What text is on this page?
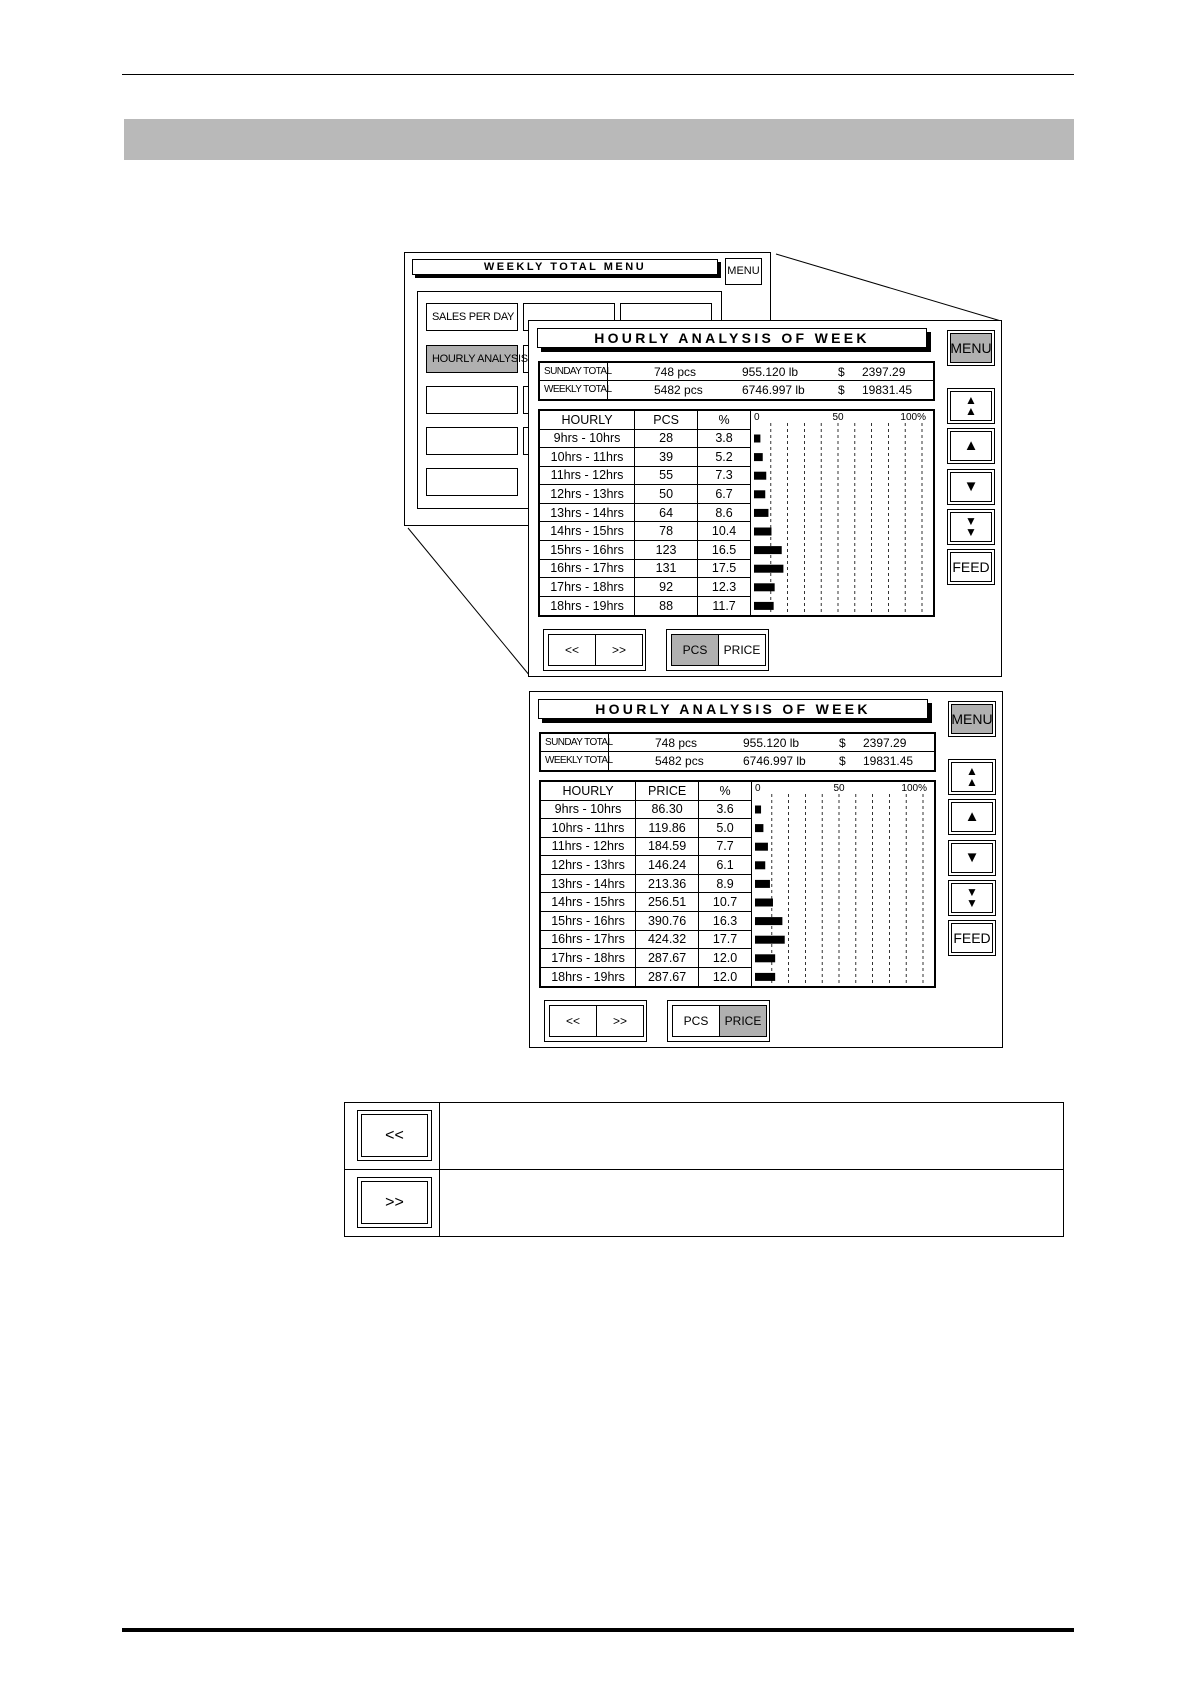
WEEKLY TOTAL MENU	MENU
SALES PER DAY
HOURLY ANALYSIS
HOURLY ANALYSIS OF WEEK
MENU
▲
▲
▲
▼
▼
▼
FEED
SUNDAY TOTAL	748 pcs	955.120 lb	$ 2397.29
WEEKLY TOTAL	5482 pcs	6746.997 lb	$ 19831.45
HOURLY	PCS	%
9hrs - 10hrs	28	3.8
10hrs - 11hrs	39	5.2
11hrs - 12hrs	55	7.3
12hrs - 13hrs	50	6.7
13hrs - 14hrs	64	8.6
14hrs - 15hrs	78	10.4
15hrs - 16hrs	123	16.5
16hrs - 17hrs	131	17.5
17hrs - 18hrs	92	12.3
18hrs - 19hrs	88	11.7
0	50	100%
<<	>>	PCS	PRICE
HOURLY ANALYSIS OF WEEK
MENU
▲
▲
▲
▼
▼
▼
FEED
SUNDAY TOTAL	748 pcs	955.120 lb	$ 2397.29
WEEKLY TOTAL	5482 pcs	6746.997 lb	$ 19831.45
HOURLY	PRICE	%
9hrs - 10hrs	86.30	3.6
10hrs - 11hrs	119.86	5.0
11hrs - 12hrs	184.59	7.7
12hrs - 13hrs	146.24	6.1
13hrs - 14hrs	213.36	8.9
14hrs - 15hrs	256.51	10.7
15hrs - 16hrs	390.76	16.3
16hrs - 17hrs	424.32	17.7
17hrs - 18hrs	287.67	12.0
18hrs - 19hrs	287.67	12.0
0	50	100%
<<	>>	PCS	PRICE
<<
>>
